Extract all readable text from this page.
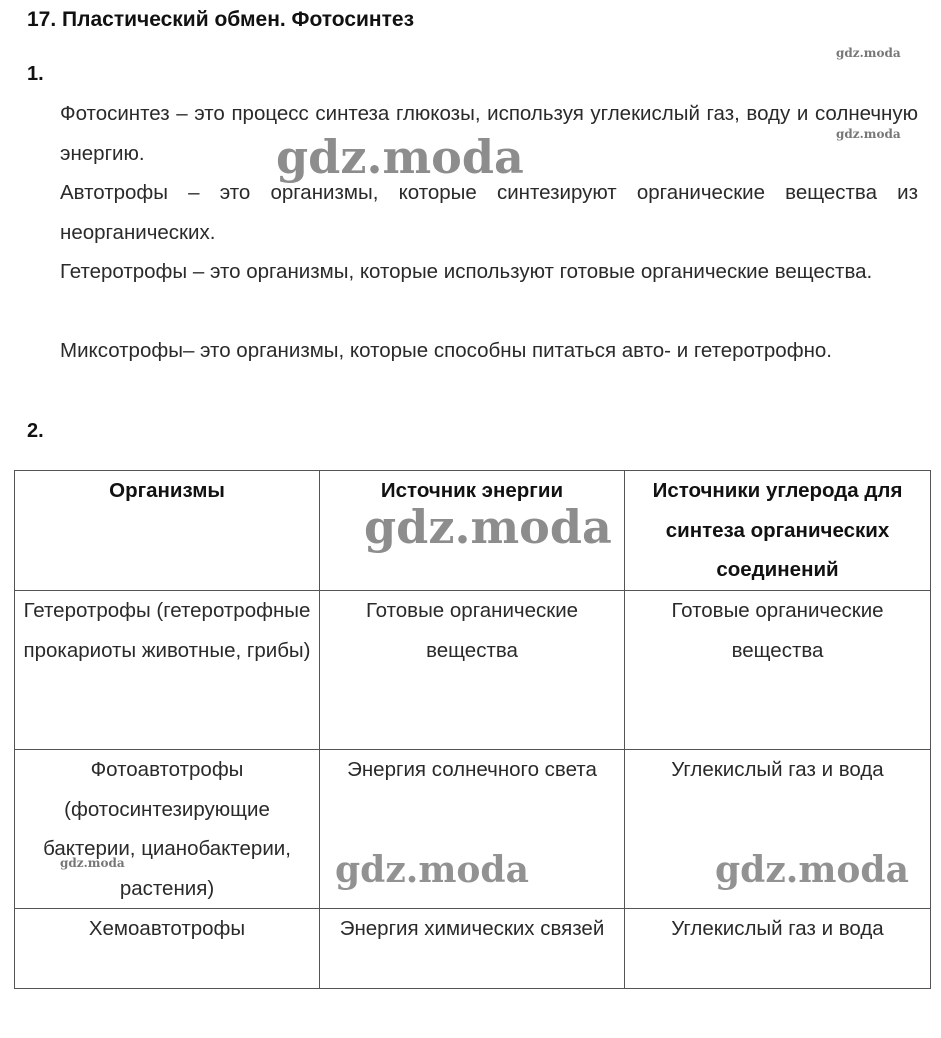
17. Пластический обмен. Фотосинтез
1.
Фотосинтез – это процесс синтеза глюкозы, используя углекислый газ, воду и солнечную энергию.
Автотрофы – это организмы, которые синтезируют органические вещества из неорганических.
Гетеротрофы – это организмы, которые используют готовые органические вещества.
Миксотрофы– это организмы, которые способны питаться авто- и гетеротрофно.
2.
Организмы	Источник энергии	Источники углерода для синтеза органических соединений
Гетеротрофы (гетеротрофные прокариоты животные, грибы)	Готовые органические вещества	Готовые органические вещества
Фотоавтотрофы (фотосинтезирующие бактерии, цианобактерии, растения)	Энергия солнечного света	Углекислый газ и вода
Хемоавтотрофы	Энергия химических связей	Углекислый газ и вода
gdz.moda
gdz.moda
gdz.moda
gdz.moda
gdz.moda	gdz.moda	gdz.moda
